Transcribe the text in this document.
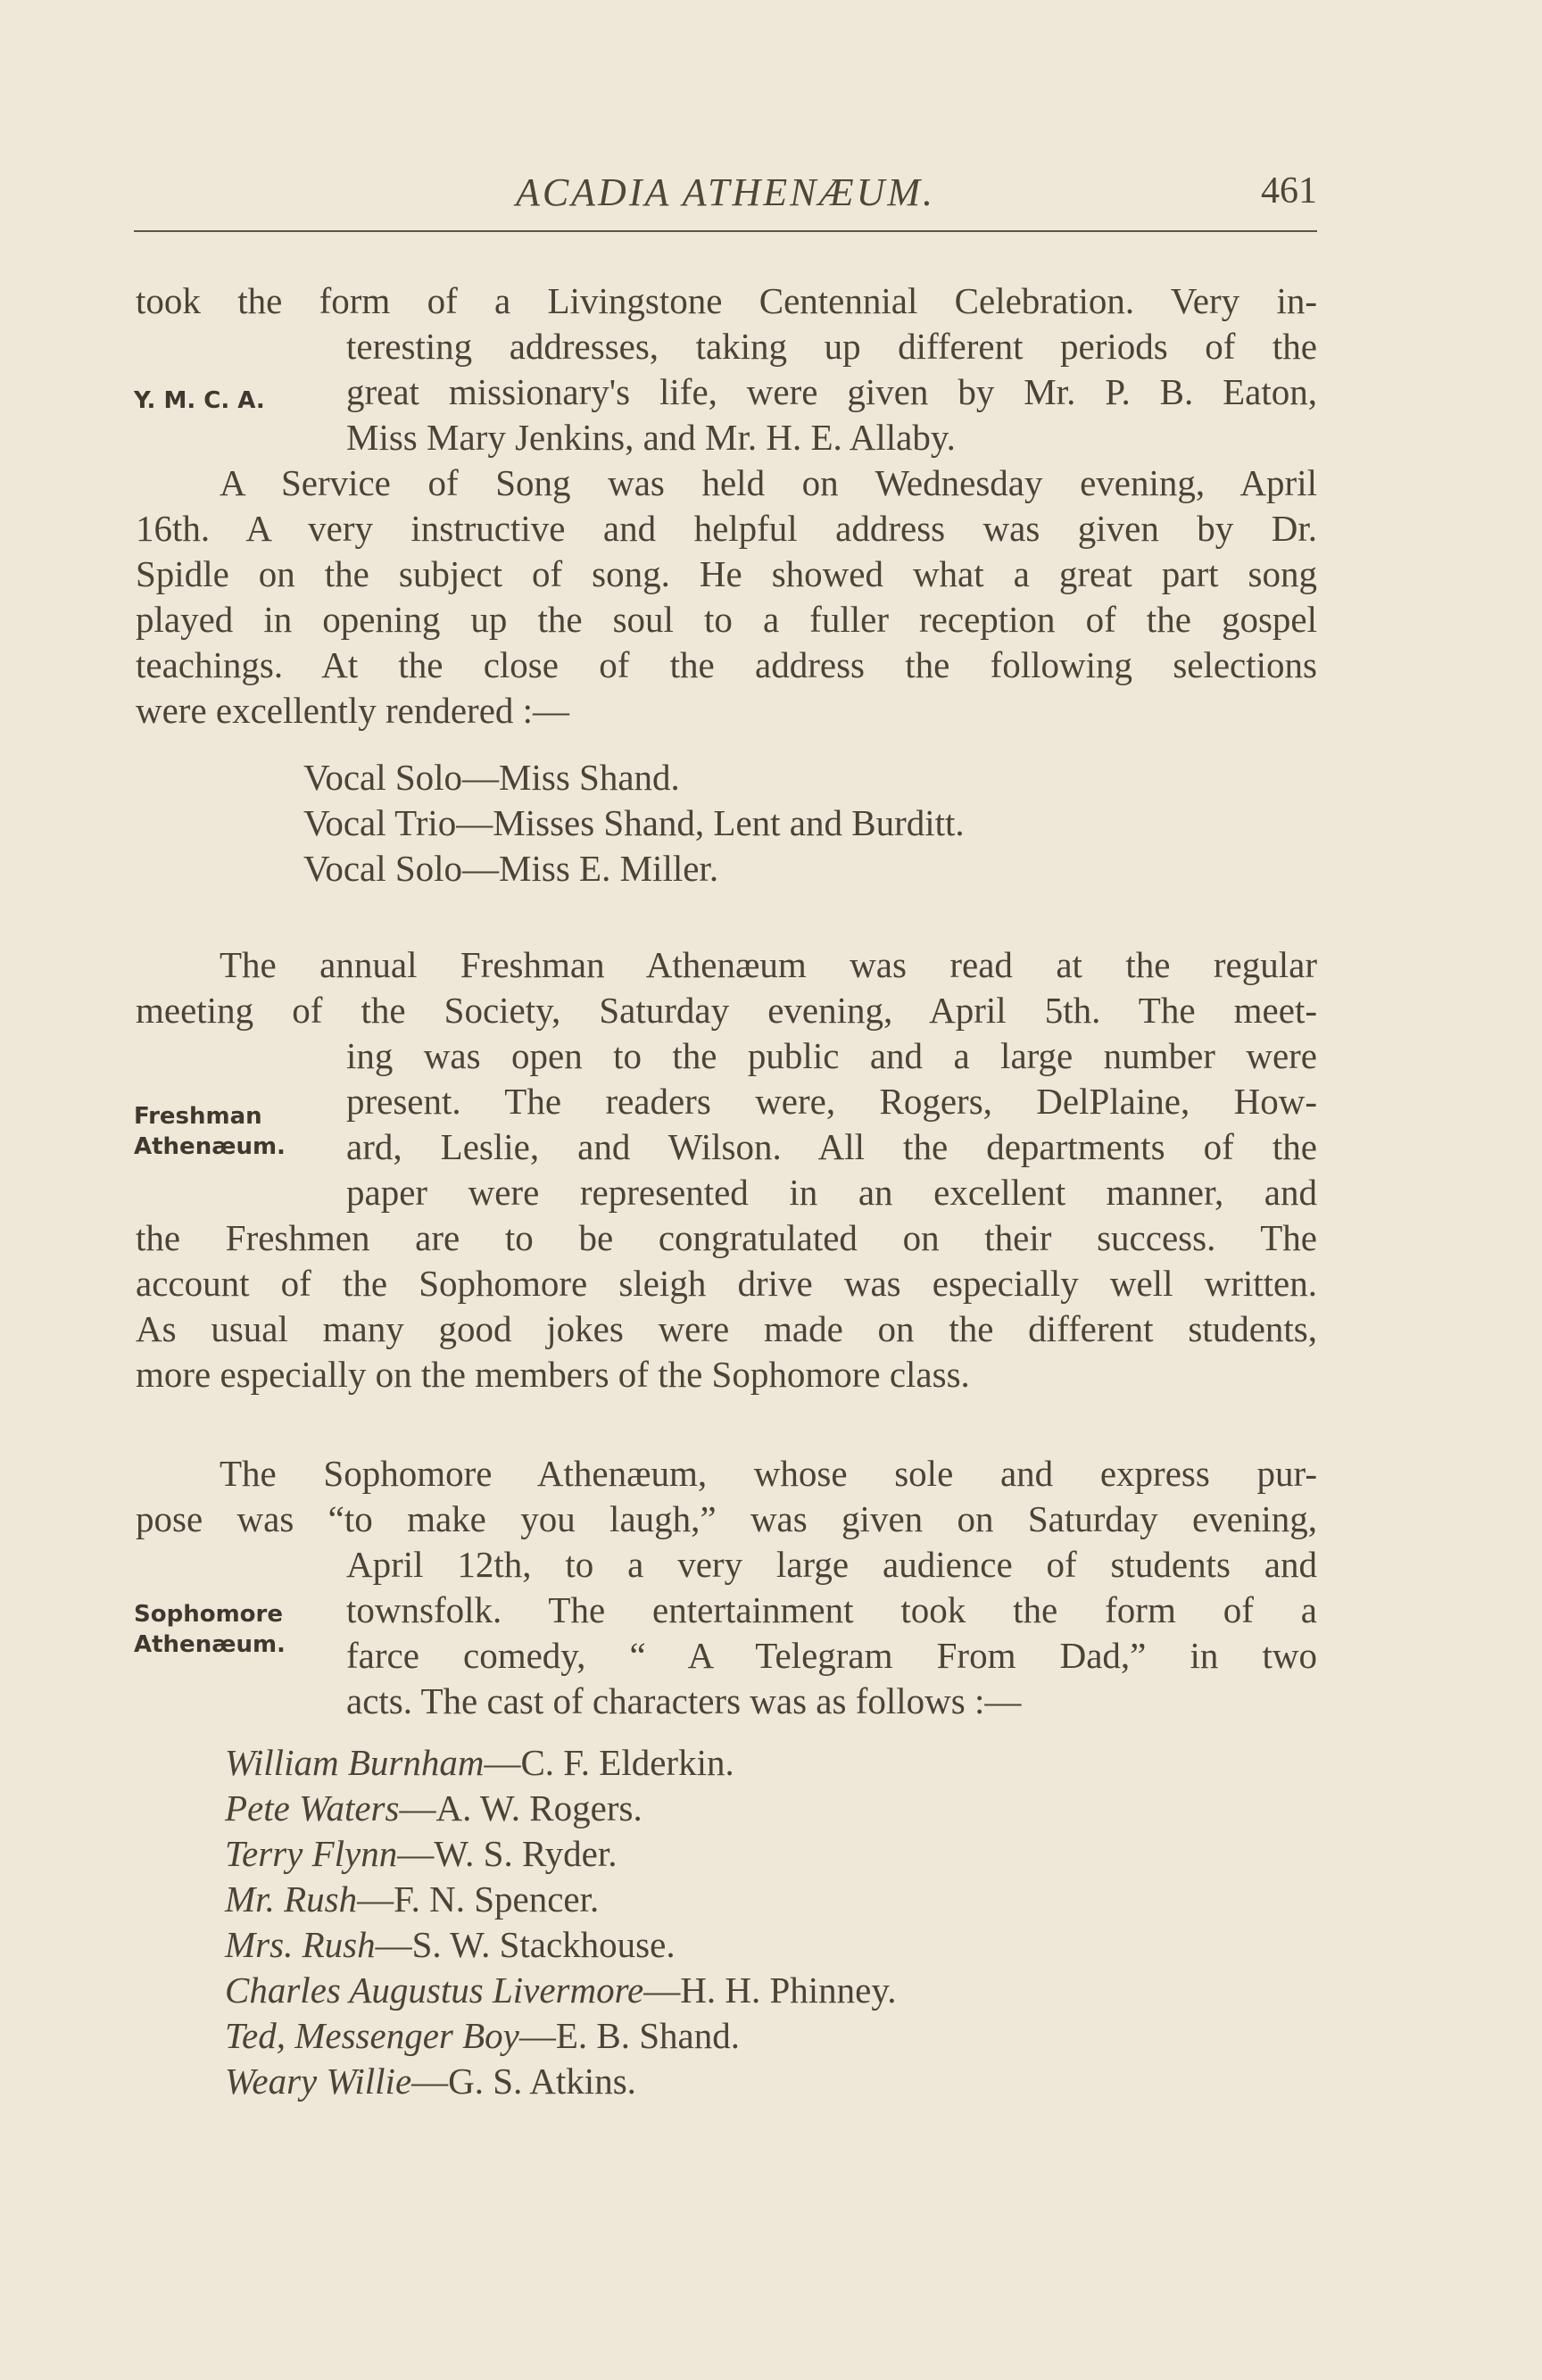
ACADIA ATHENÆUM.	461
Y. M. C. A.
took the form of a Livingstone Centennial Celebration. Very in-
teresting addresses, taking up different periods of the
great missionary's life, were given by Mr. P. B. Eaton,
Miss Mary Jenkins, and Mr. H. E. Allaby.
A Service of Song was held on Wednesday evening, April
16th. A very instructive and helpful address was given by Dr.
Spidle on the subject of song. He showed what a great part song
played in opening up the soul to a fuller reception of the gospel
teachings. At the close of the address the following selections
were excellently rendered :—
Vocal Solo—Miss Shand.
Vocal Trio—Misses Shand, Lent and Burditt.
Vocal Solo—Miss E. Miller.
Freshman
Athenæum.
The annual Freshman Athenæum was read at the regular
meeting of the Society, Saturday evening, April 5th. The meet-
ing was open to the public and a large number were
present. The readers were, Rogers, DelPlaine, How-
ard, Leslie, and Wilson. All the departments of the
paper were represented in an excellent manner, and
the Freshmen are to be congratulated on their success. The
account of the Sophomore sleigh drive was especially well written.
As usual many good jokes were made on the different students,
more especially on the members of the Sophomore class.
Sophomore
Athenæum.
The Sophomore Athenæum, whose sole and express pur-
pose was “to make you laugh,” was given on Saturday evening,
April 12th, to a very large audience of students and
townsfolk. The entertainment took the form of a
farce comedy, “ A Telegram From Dad,” in two
acts. The cast of characters was as follows :—
William Burnham—C. F. Elderkin.
Pete Waters—A. W. Rogers.
Terry Flynn—W. S. Ryder.
Mr. Rush—F. N. Spencer.
Mrs. Rush—S. W. Stackhouse.
Charles Augustus Livermore—H. H. Phinney.
Ted, Messenger Boy—E. B. Shand.
Weary Willie—G. S. Atkins.
